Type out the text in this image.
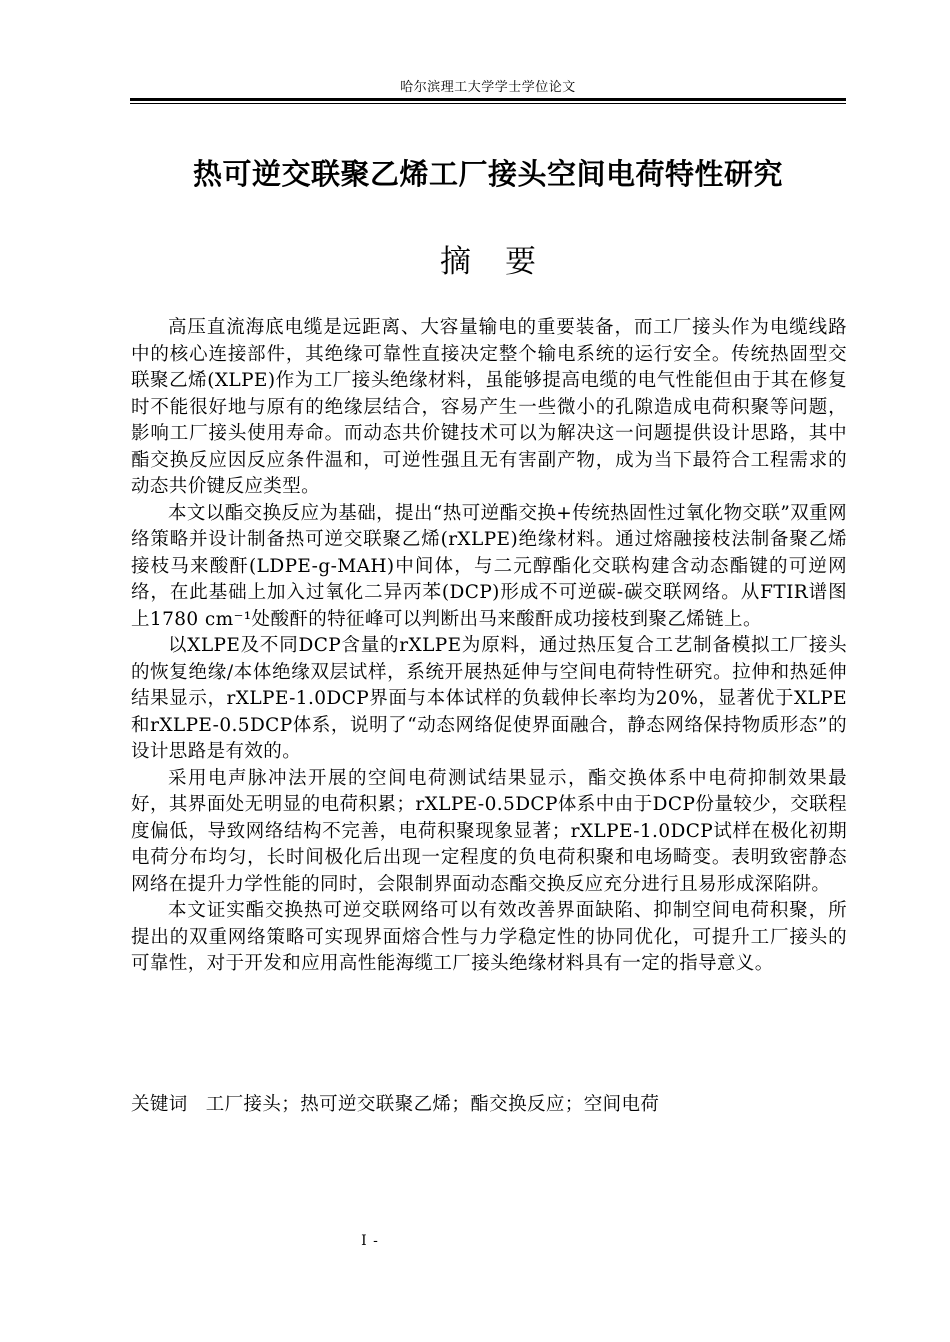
哈尔滨理工大学学士学位论文
热可逆交联聚乙烯工厂接头空间电荷特性研究
摘 要

高压直流海底电缆是远距离、大容量输电的重要装备，而工厂接头作为电缆线路中的核心连接部件，其绝缘可靠性直接决定整个输电系统的运行安全。传统热固型交联聚乙烯(XLPE)作为工厂接头绝缘材料，虽能够提高电缆的电气性能但由于其在修复时不能很好地与原有的绝缘层结合，容易产生一些微小的孔隙造成电荷积聚等问题，影响工厂接头使用寿命。而动态共价键技术可以为解决这一问题提供设计思路，其中酯交换反应因反应条件温和，可逆性强且无有害副产物，成为当下最符合工程需求的动态共价键反应类型。

本文以酯交换反应为基础，提出“热可逆酯交换+传统热固性过氧化物交联”双重网络策略并设计制备热可逆交联聚乙烯(rXLPE)绝缘材料。通过熔融接枝法制备聚乙烯接枝马来酸酐(LDPE-g-MAH)中间体，与二元醇酯化交联构建含动态酯键的可逆网络，在此基础上加入过氧化二异丙苯(DCP)形成不可逆碳-碳交联网络。从FTIR谱图上1780 cm⁻¹处酸酐的特征峰可以判断出马来酸酐成功接枝到聚乙烯链上。

以XLPE及不同DCP含量的rXLPE为原料，通过热压复合工艺制备模拟工厂接头的恢复绝缘/本体绝缘双层试样，系统开展热延伸与空间电荷特性研究。拉伸和热延伸结果显示，rXLPE-1.0DCP界面与本体试样的负载伸长率均为20%，显著优于XLPE和rXLPE-0.5DCP体系，说明了“动态网络促使界面融合，静态网络保持物质形态”的设计思路是有效的。

采用电声脉冲法开展的空间电荷测试结果显示，酯交换体系中电荷抑制效果最好，其界面处无明显的电荷积累；rXLPE-0.5DCP体系中由于DCP份量较少，交联程度偏低，导致网络结构不完善，电荷积聚现象显著；rXLPE-1.0DCP试样在极化初期电荷分布均匀，长时间极化后出现一定程度的负电荷积聚和电场畸变。表明致密静态网络在提升力学性能的同时，会限制界面动态酯交换反应充分进行且易形成深陷阱。

本文证实酯交换热可逆交联网络可以有效改善界面缺陷、抑制空间电荷积聚，所提出的双重网络策略可实现界面熔合性与力学稳定性的协同优化，可提升工厂接头的可靠性，对于开发和应用高性能海缆工厂接头绝缘材料具有一定的指导意义。

关键词 工厂接头；热可逆交联聚乙烯；酯交换反应；空间电荷
I -
